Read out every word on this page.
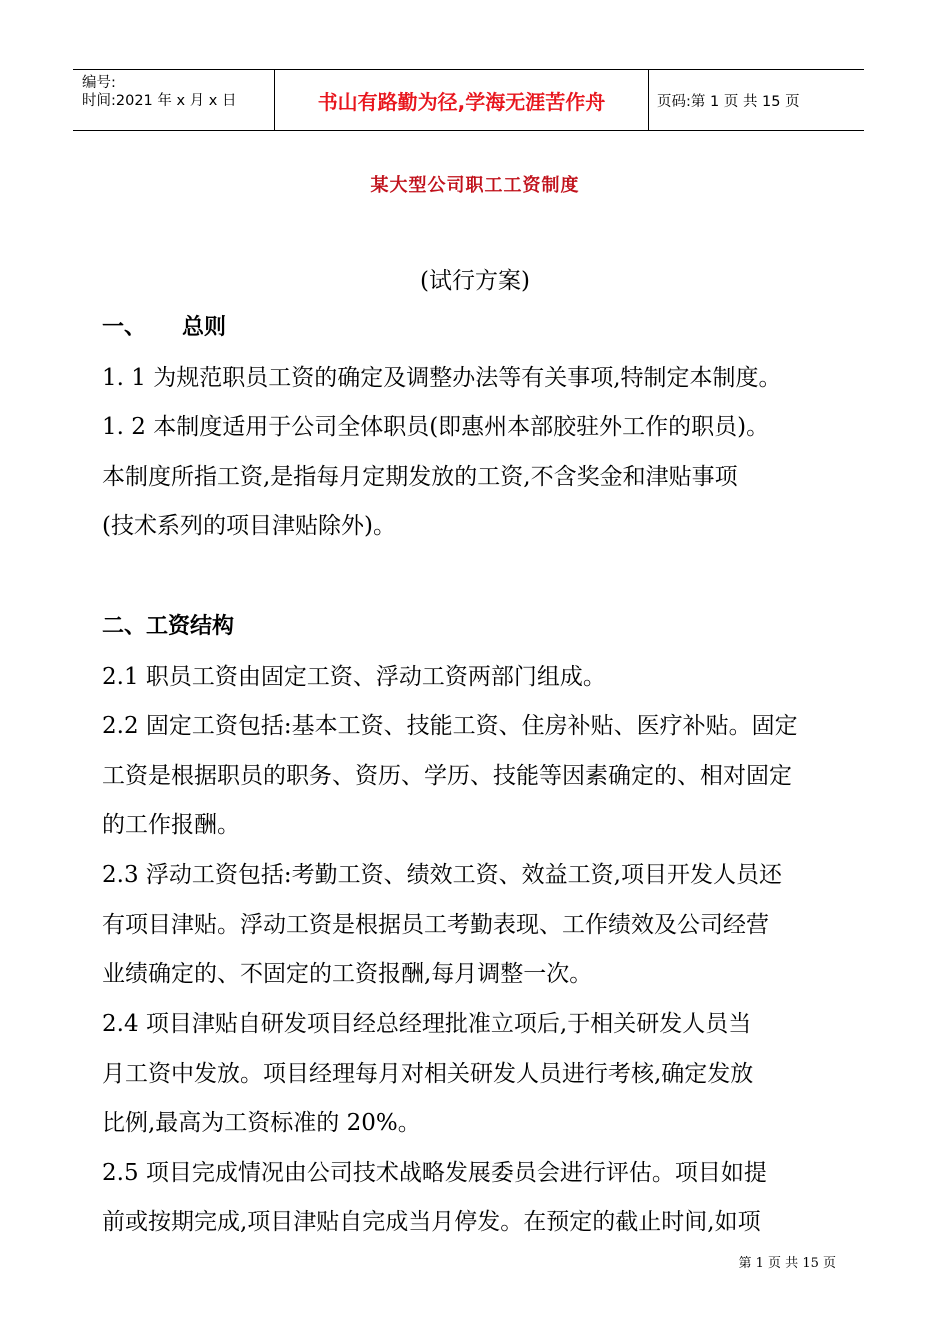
编号:
时间:2021 年 x 月 x 日	书山有路勤为径,学海无涯苦作舟	页码:第 1 页 共 15 页
某大型公司职工工资制度
(试行方案)
一、 总则
1. 1 为规范职员工资的确定及调整办法等有关事项,特制定本制度。
1. 2 本制度适用于公司全体职员(即惠州本部胶驻外工作的职员)。
本制度所指工资,是指每月定期发放的工资,不含奖金和津贴事项
(技术系列的项目津贴除外)。
二、工资结构
2.1 职员工资由固定工资、浮动工资两部门组成。
2.2 固定工资包括:基本工资、技能工资、住房补贴、医疗补贴。固定
工资是根据职员的职务、资历、学历、技能等因素确定的、相对固定
的工作报酬。
2.3 浮动工资包括:考勤工资、绩效工资、效益工资,项目开发人员还
有项目津贴。浮动工资是根据员工考勤表现、工作绩效及公司经营
业绩确定的、不固定的工资报酬,每月调整一次。
2.4 项目津贴自研发项目经总经理批准立项后,于相关研发人员当
月工资中发放。项目经理每月对相关研发人员进行考核,确定发放
比例,最高为工资标准的 20%。
2.5 项目完成情况由公司技术战略发展委员会进行评估。项目如提
前或按期完成,项目津贴自完成当月停发。在预定的截止时间,如项
第 1 页 共 15 页
